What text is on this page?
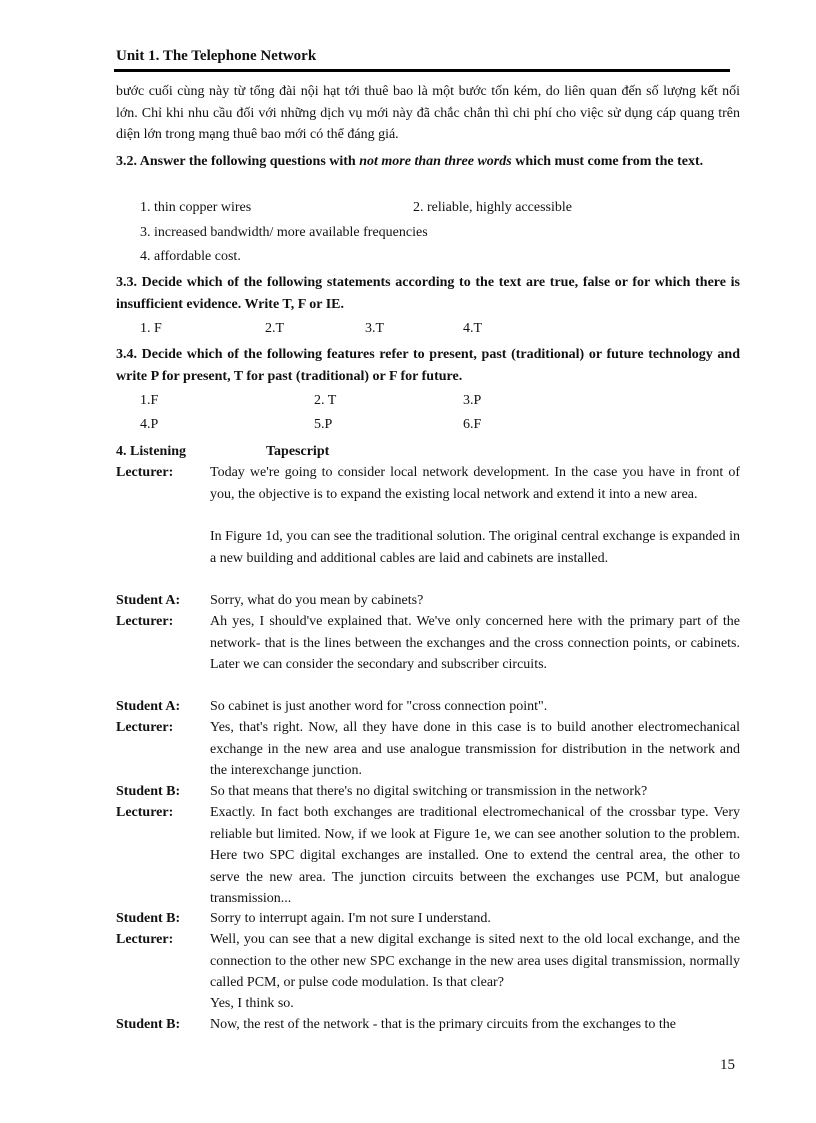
Unit 1. The Telephone Network
bước cuối cùng này từ tổng đài nội hạt tới thuê bao là một bước tốn kém, do liên quan đến số lượng kết nối lớn. Chỉ khi nhu cầu đối với những dịch vụ mới này đã chắc chắn thì chi phí cho việc sử dụng cáp quang trên diện lớn trong mạng thuê bao mới có thể đáng giá.
3.2. Answer the following questions with not more than three words which must come from the text.
1. thin copper wires	2. reliable, highly accessible
3. increased bandwidth/ more available frequencies
4. affordable cost.
3.3. Decide which of the following statements according to the text are true, false or for which there is insufficient evidence. Write T, F or IE.
1. F	2.T	3.T	4.T
3.4. Decide which of the following features refer to present, past (traditional) or future technology and write P for present, T for past (traditional) or F for future.
1.F	2. T	3.P
4.P	5.P	6.F
4. Listening	Tapescript
Lecturer:	Today we're going to consider local network development. In the case you have in front of you, the objective is to expand the existing local network and extend it into a new area.
In Figure 1d, you can see the traditional solution. The original central exchange is expanded in a new building and additional cables are laid and cabinets are installed.
Student A: Sorry, what do you mean by cabinets?
Lecturer:	Ah yes, I should've explained that. We've only concerned here with the primary part of the network- that is the lines between the exchanges and the cross connection points, or cabinets. Later we can consider the secondary and subscriber circuits.
Student A: So cabinet is just another word for "cross connection point".
Lecturer:	Yes, that's right. Now, all they have done in this case is to build another electromechanical exchange in the new area and use analogue transmission for distribution in the network and the interexchange junction.
Student B: So that means that there's no digital switching or transmission in the network?
Lecturer:	Exactly. In fact both exchanges are traditional electromechanical of the crossbar type. Very reliable but limited. Now, if we look at Figure 1e, we can see another solution to the problem. Here two SPC digital exchanges are installed. One to extend the central area, the other to serve the new area. The junction circuits between the exchanges use PCM, but analogue transmission...
Student B: Sorry to interrupt again. I'm not sure I understand.
Lecturer:	Well, you can see that a new digital exchange is sited next to the old local exchange, and the connection to the other new SPC exchange in the new area uses digital transmission, normally called PCM, or pulse code modulation. Is that clear?
Yes, I think so.
Student B: Now, the rest of the network - that is the primary circuits from the exchanges to the
15
